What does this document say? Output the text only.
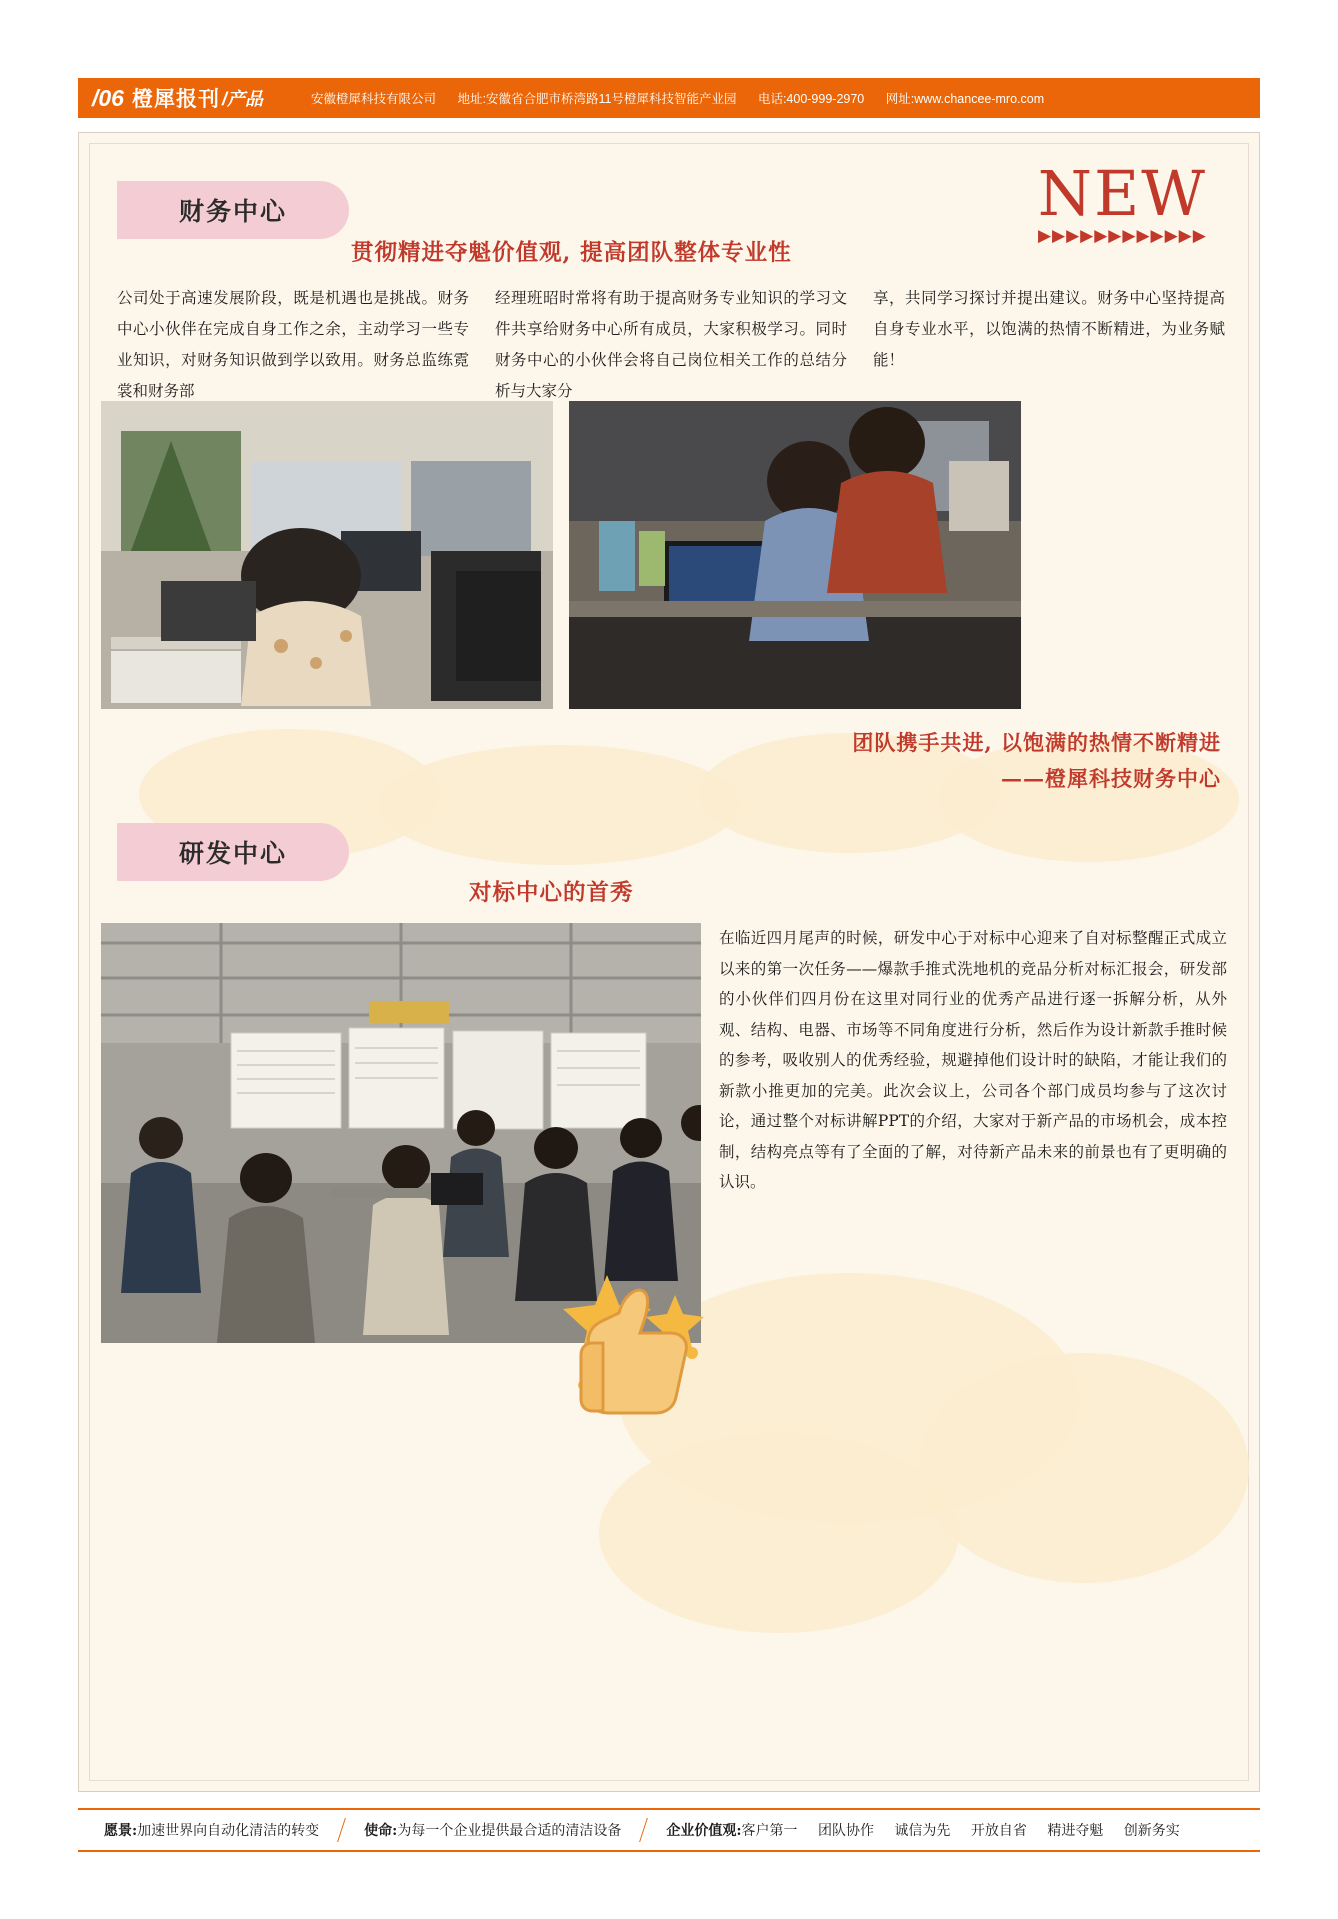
/06 橙犀报刊 /产品	安徽橙犀科技有限公司 地址:安徽省合肥市桥湾路11号橙犀科技智能产业园 电话:400-999-2970 网址:www.chancee-mro.com
NEW
▶▶▶▶▶▶▶▶▶▶▶▶
财务中心
贯彻精进夺魁价值观, 提高团队整体专业性
公司处于高速发展阶段，既是机遇也是挑战。财务中心小伙伴在完成自身工作之余，主动学习一些专业知识，对财务知识做到学以致用。财务总监练霓裳和财务部
经理班昭时常将有助于提高财务专业知识的学习文件共享给财务中心所有成员，大家积极学习。同时财务中心的小伙伴会将自己岗位相关工作的总结分析与大家分
享，共同学习探讨并提出建议。财务中心坚持提高自身专业水平，以饱满的热情不断精进，为业务赋能！
团队携手共进, 以饱满的热情不断精进
——橙犀科技财务中心
研发中心
对标中心的首秀
在临近四月尾声的时候，研发中心于对标中心迎来了自对标整醒正式成立以来的第一次任务——爆款手推式洗地机的竞品分析对标汇报会，研发部的小伙伴们四月份在这里对同行业的优秀产品进行逐一拆解分析，从外观、结构、电器、市场等不同角度进行分析，然后作为设计新款手推时候的参考，吸收别人的优秀经验，规避掉他们设计时的缺陷，才能让我们的新款小推更加的完美。此次会议上，公司各个部门成员均参与了这次讨论，通过整个对标讲解PPT的介绍，大家对于新产品的市场机会，成本控制，结构亮点等有了全面的了解，对待新产品未来的前景也有了更明确的认识。
愿景: 加速世界向自动化清洁的转变	使命: 为每一个企业提供最合适的清洁设备	企业价值观: 客户第一 团队协作 诚信为先 开放自省 精进夺魁 创新务实
